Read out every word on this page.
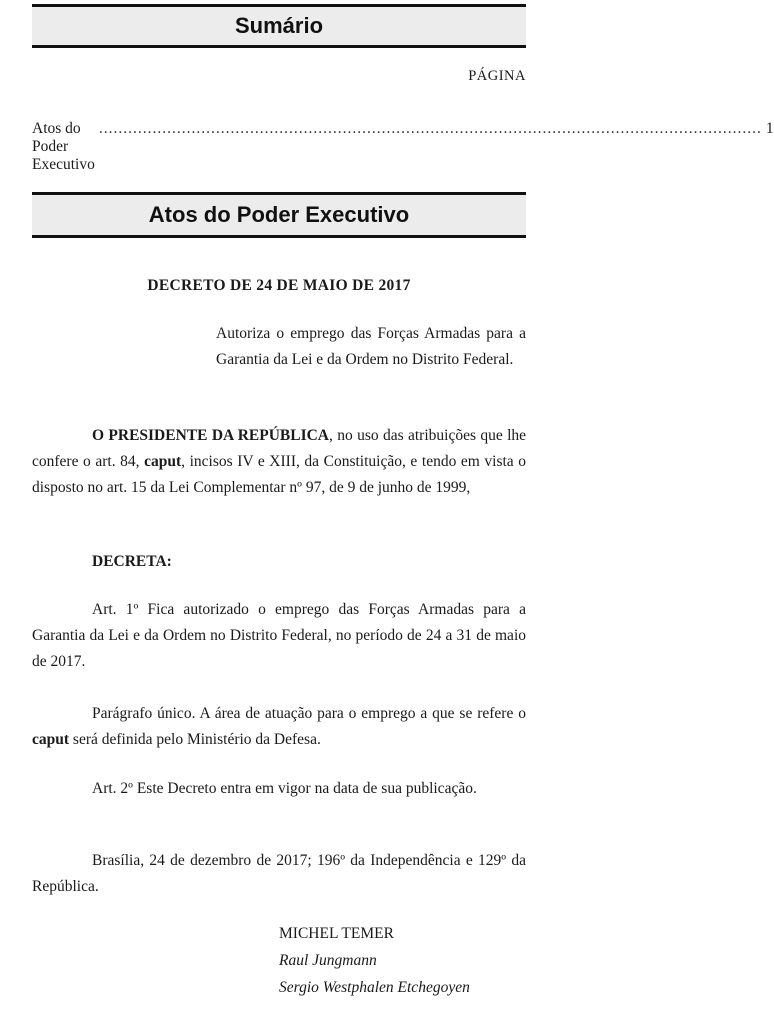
Sumário
PÁGINA
Atos do Poder Executivo
........................................................................................................................................ 1
Atos do Poder Executivo
DECRETO DE 24 DE MAIO DE 2017
Autoriza o emprego das Forças Armadas para a Garantia da Lei e da Ordem no Distrito Federal.
O PRESIDENTE DA REPÚBLICA, no uso das atribuições que lhe confere o art. 84, caput, incisos IV e XIII, da Constituição, e tendo em vista o disposto no art. 15 da Lei Complementar nº 97, de 9 de junho de 1999,
DECRETA:
Art. 1º Fica autorizado o emprego das Forças Armadas para a Garantia da Lei e da Ordem no Distrito Federal, no período de 24 a 31 de maio de 2017.
Parágrafo único. A área de atuação para o emprego a que se refere o caput será definida pelo Ministério da Defesa.
Art. 2º Este Decreto entra em vigor na data de sua publicação.
Brasília, 24 de dezembro de 2017; 196º da Independência e 129º da República.
MICHEL TEMER
Raul Jungmann
Sergio Westphalen Etchegoyen
